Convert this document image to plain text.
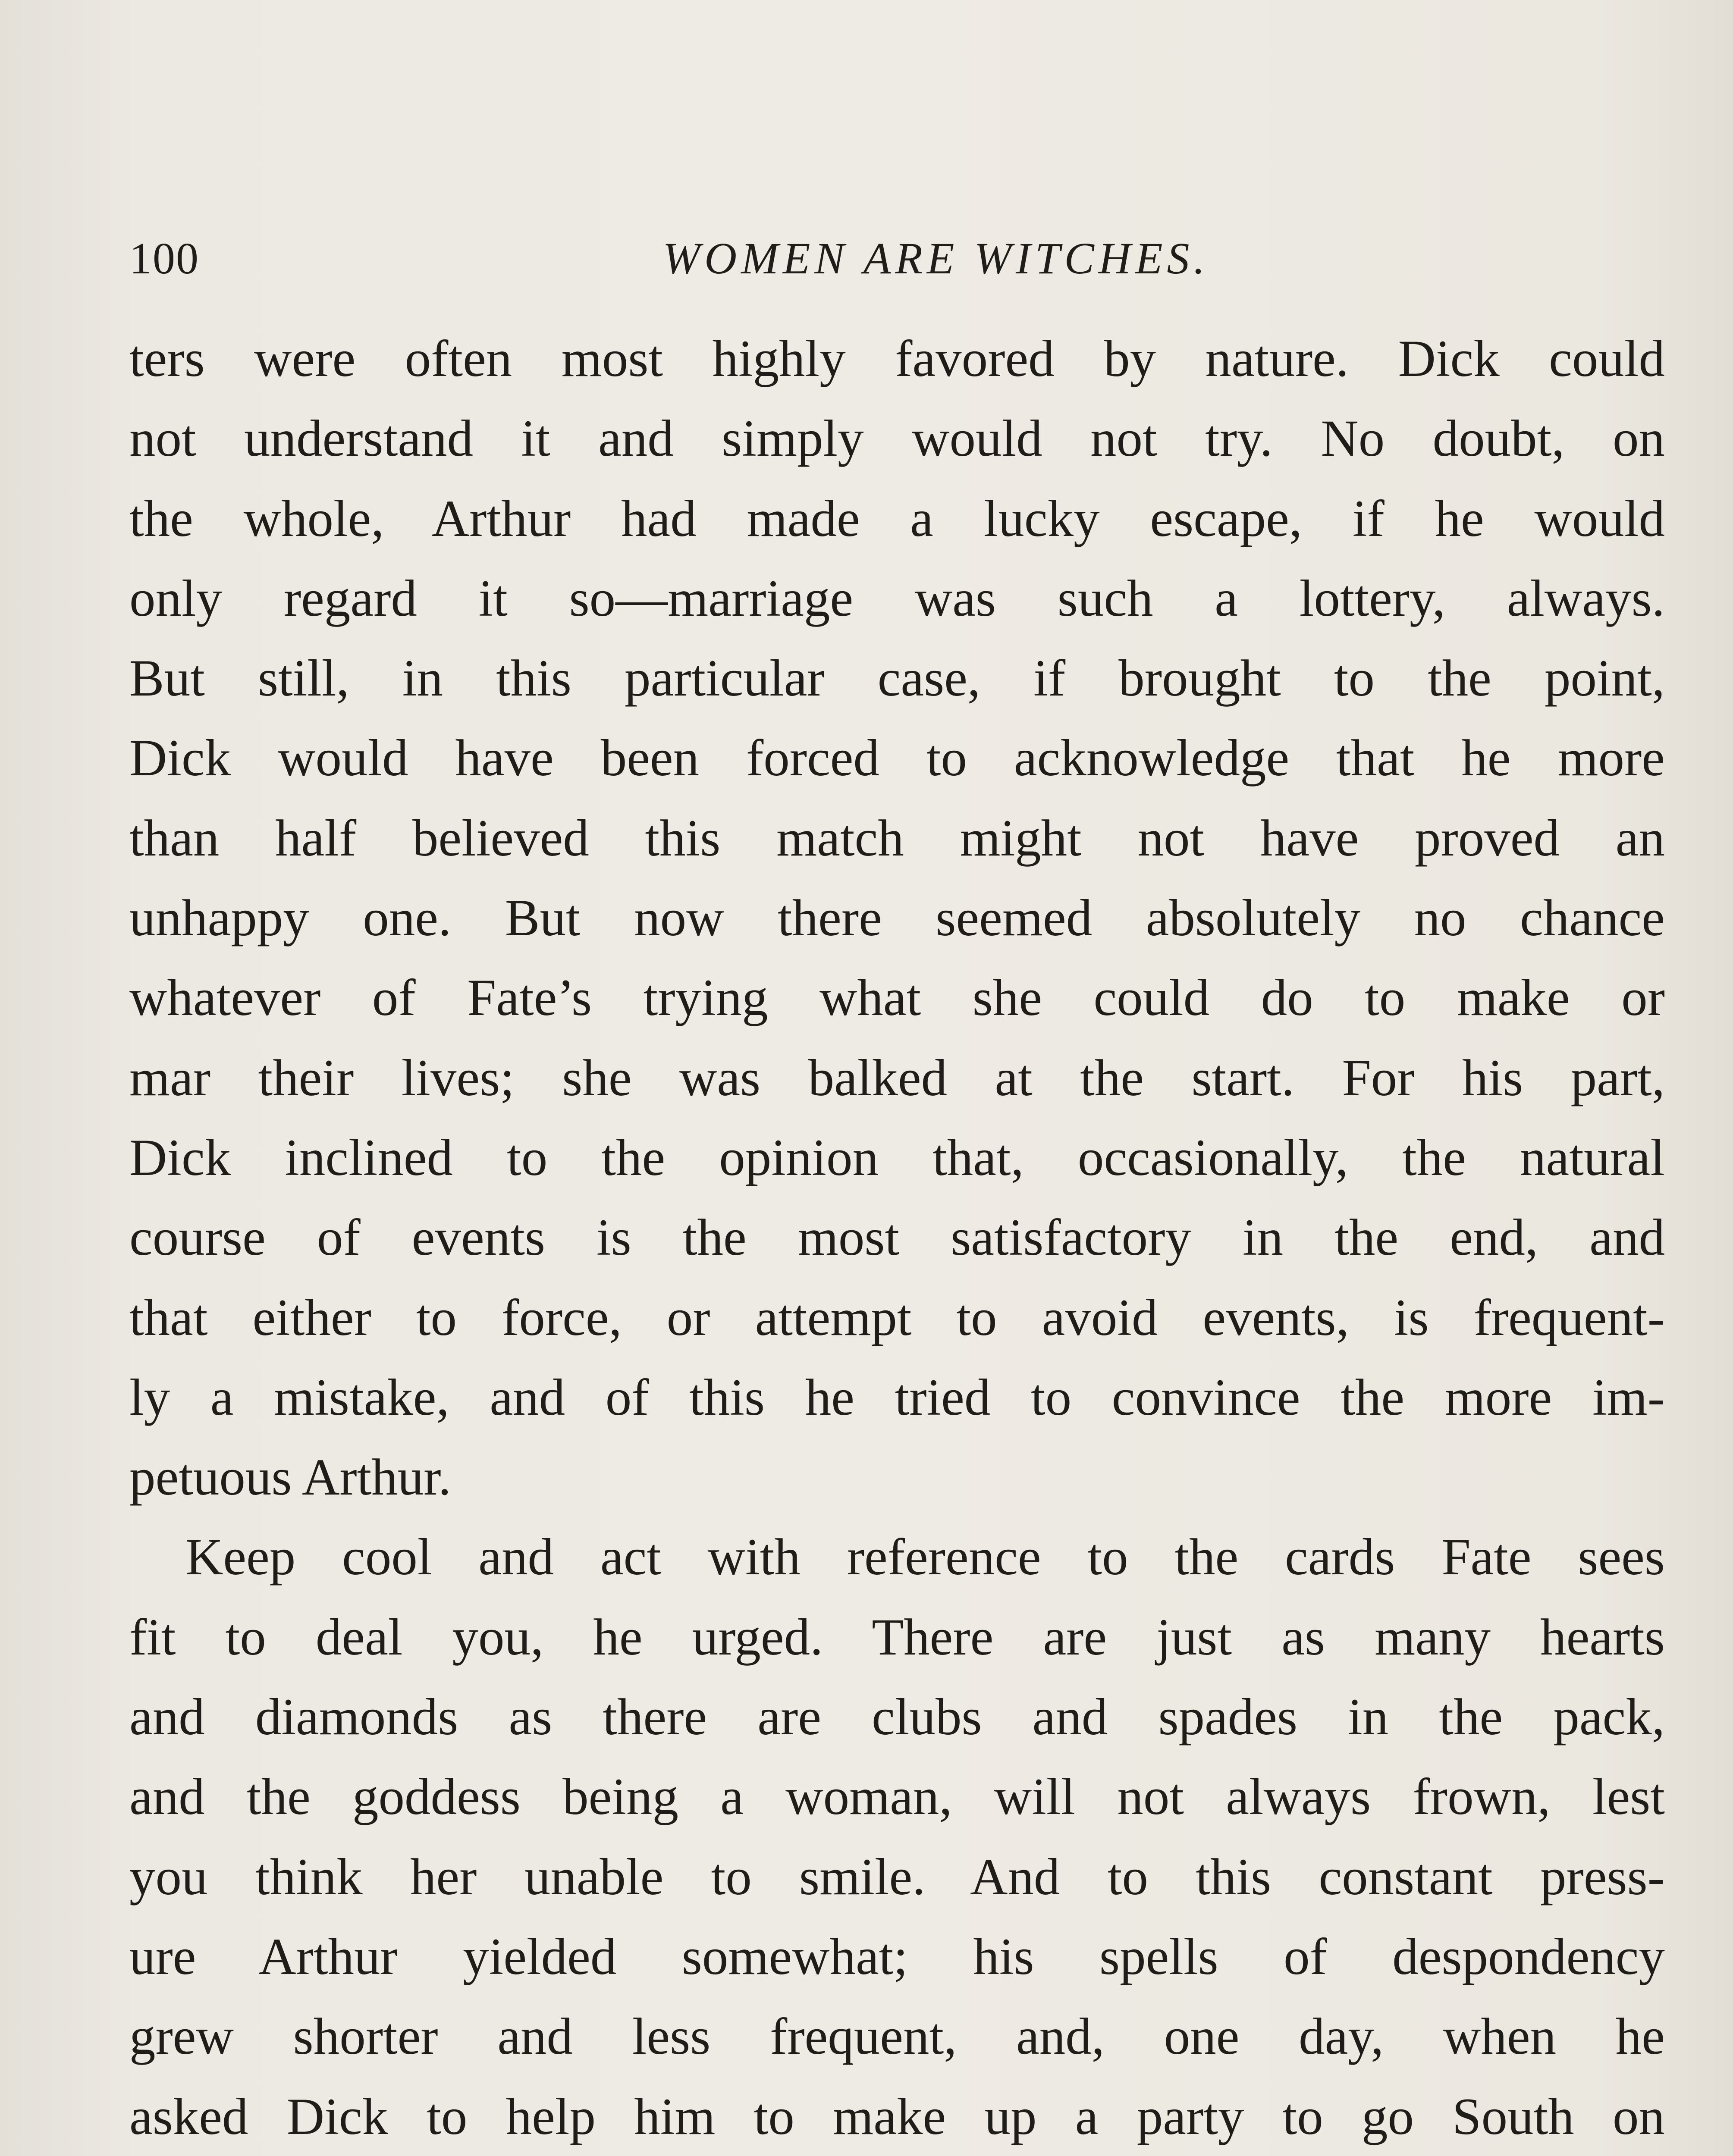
100	WOMEN ARE WITCHES.
ters were often most highly favored by nature. Dick could
not understand it and simply would not try. No doubt, on
the whole, Arthur had made a lucky escape, if he would
only regard it so—marriage was such a lottery, always.
But still, in this particular case, if brought to the point,
Dick would have been forced to acknowledge that he more
than half believed this match might not have proved an
unhappy one. But now there seemed absolutely no chance
whatever of Fate’s trying what she could do to make or
mar their lives; she was balked at the start. For his part,
Dick inclined to the opinion that, occasionally, the natural
course of events is the most satisfactory in the end, and
that either to force, or attempt to avoid events, is frequent-
ly a mistake, and of this he tried to convince the more im-
petuous Arthur.
Keep cool and act with reference to the cards Fate sees
fit to deal you, he urged. There are just as many hearts
and diamonds as there are clubs and spades in the pack,
and the goddess being a woman, will not always frown, lest
you think her unable to smile. And to this constant press-
ure Arthur yielded somewhat; his spells of despondency
grew shorter and less frequent, and, one day, when he
asked Dick to help him to make up a party to go South on
